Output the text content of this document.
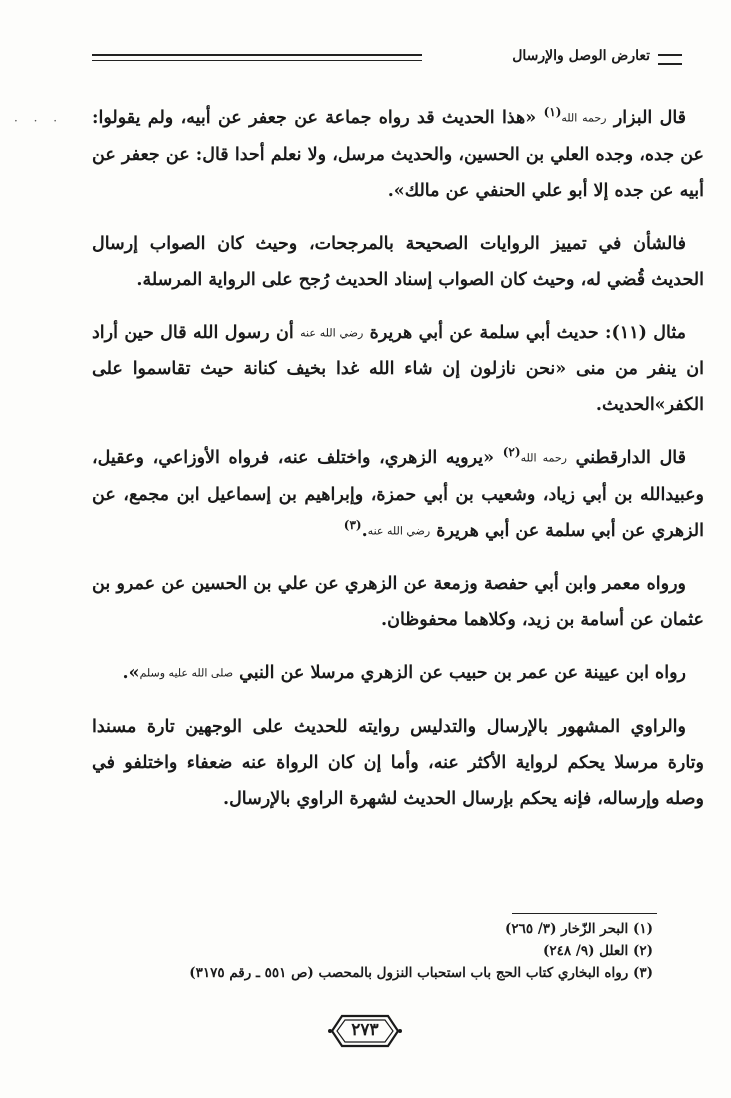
تعارض الوصل والإرسال
· · ·	قال البزار رحمه الله$^{(١)}$ «هذا الحديث قد رواه جماعة عن جعفر عن أبيه، ولم يقولوا: عن جده، وجده العلي بن الحسين، والحديث مرسل، ولا نعلم أحدا قال: عن جعفر عن أبيه عن جده إلا أبو علي الحنفي عن مالك».

فالشأن في تمييز الروايات الصحيحة بالمرجحات، وحيث كان الصواب إرسال الحديث قُضي له، وحيث كان الصواب إسناد الحديث رُجح على الرواية المرسلة.

مثال (١١): حديث أبي سلمة عن أبي هريرة رضي الله عنه أن رسول الله قال حين أراد ان ينفر من منى «نحن نازلون إن شاء الله غدا بخيف كنانة حيث تقاسموا على الكفر»الحديث.

قال الدارقطني رحمه الله$^{(٢)}$ «يرويه الزهري، واختلف عنه، فرواه الأوزاعي، وعقيل، وعبيدالله بن أبي زياد، وشعيب بن أبي حمزة، وإبراهيم بن إسماعيل ابن مجمع، عن الزهري عن أبي سلمة عن أبي هريرة رضي الله عنه.$^{(٣)}$

ورواه معمر وابن أبي حفصة وزمعة عن الزهري عن علي بن الحسين عن عمرو بن عثمان عن أسامة بن زيد، وكلاهما محفوظان.

رواه ابن عيينة عن عمر بن حبيب عن الزهري مرسلا عن النبي صلى الله عليه وسلم».

والراوي المشهور بالإرسال والتدليس روايته للحديث على الوجهين تارة مسندا وتارة مرسلا يحكم لرواية الأكثر عنه، وأما إن كان الرواة عنه ضعفاء واختلفو في وصله وإرساله، فإنه يحكم بإرسال الحديث لشهرة الراوي بالإرسال.

(١) البحر الزّخار (٣/ ٢٦٥)
(٢) العلل (٩/ ٢٤٨)
(٣) رواه البخاري كتاب الحج باب استحباب النزول بالمحصب (ص ٥٥١ ـ رقم ٣١٧٥)
٢٧٣
